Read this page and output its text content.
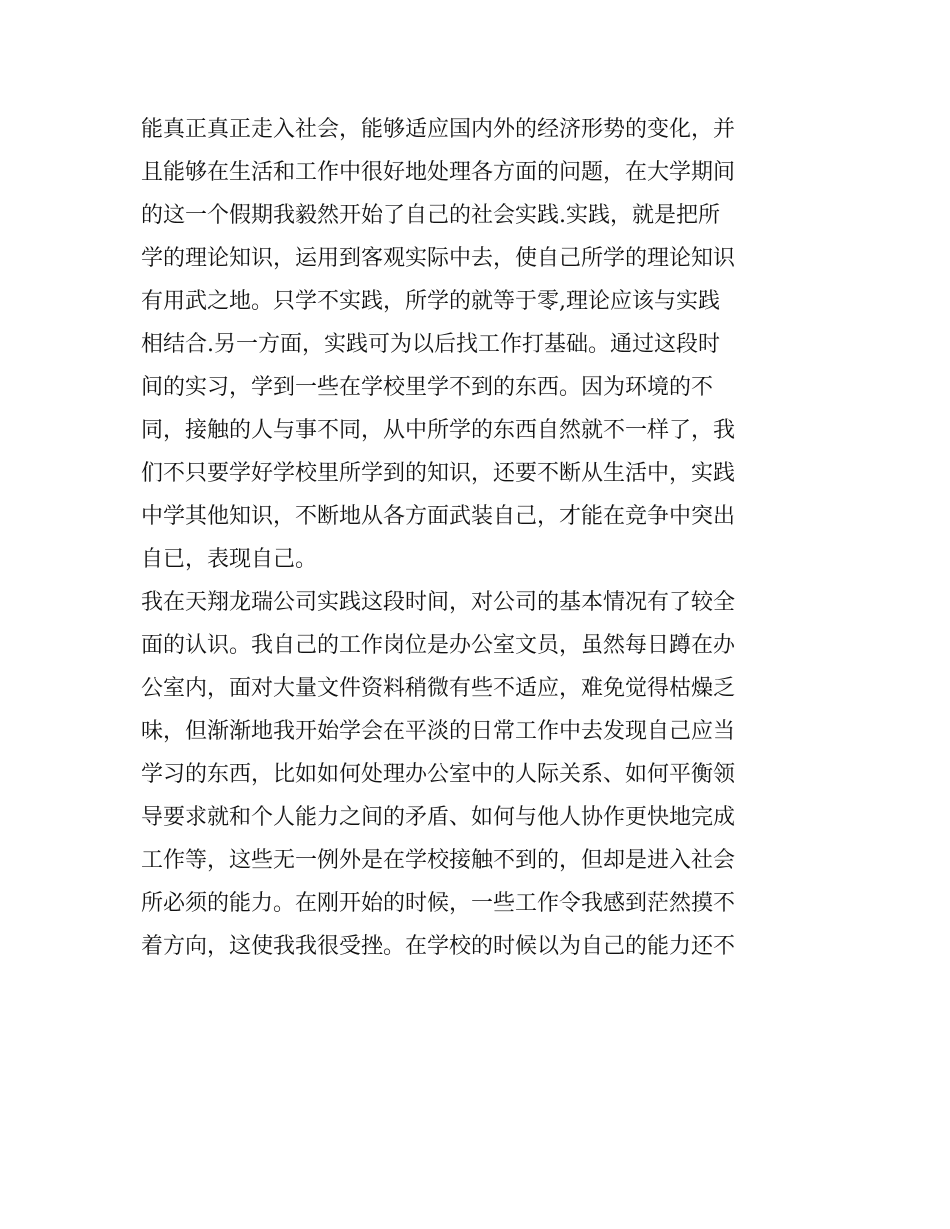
能真正真正走入社会，能够适应国内外的经济形势的变化，并
且能够在生活和工作中很好地处理各方面的问题，在大学期间
的这一个假期我毅然开始了自己的社会实践.实践，就是把所
学的理论知识，运用到客观实际中去，使自己所学的理论知识
有用武之地。只学不实践，所学的就等于零,理论应该与实践
相结合.另一方面，实践可为以后找工作打基础。通过这段时
间的实习，学到一些在学校里学不到的东西。因为环境的不
同，接触的人与事不同，从中所学的东西自然就不一样了，我
们不只要学好学校里所学到的知识，还要不断从生活中，实践
中学其他知识，不断地从各方面武装自己，才能在竞争中突出
自已，表现自己。
我在天翔龙瑞公司实践这段时间，对公司的基本情况有了较全
面的认识。我自己的工作岗位是办公室文员，虽然每日蹲在办
公室内，面对大量文件资料稍微有些不适应，难免觉得枯燥乏
味，但渐渐地我开始学会在平淡的日常工作中去发现自己应当
学习的东西，比如如何处理办公室中的人际关系、如何平衡领
导要求就和个人能力之间的矛盾、如何与他人协作更快地完成
工作等，这些无一例外是在学校接触不到的，但却是进入社会
所必须的能力。在刚开始的时候，一些工作令我感到茫然摸不
着方向，这使我我很受挫。在学校的时候以为自己的能力还不
